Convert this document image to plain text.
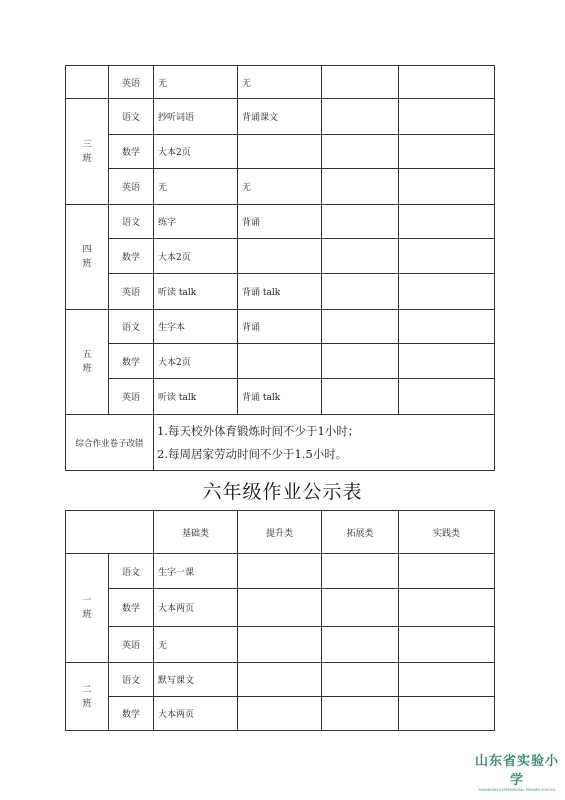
	英语	无	无		
三
班	语文	抄听词语	背诵课文		
	数学	大本2页			
	英语	无	无		
四
班	语文	练字	背诵		
	数学	大本2页			
	英语	听读 talk	背诵 talk		
五
班	语文	生字本	背诵		
	数学	大本2页			
	英语	听读 talk	背诵 talk		
综合作业卷子改错		1.每天校外体育锻炼时间不少于1小时；
2.每周居家劳动时间不少于1.5小时。			
六年级作业公示表
		基础类	提升类	拓展类	实践类
一
班	语文	生字一课			
	数学	大本两页			
	英语	无			
二
班	语文	默写课文			
	数学	大本两页			
山东省实验小学
SHANDONG EXPERIMENTAL PRIMARY SCHOOL
